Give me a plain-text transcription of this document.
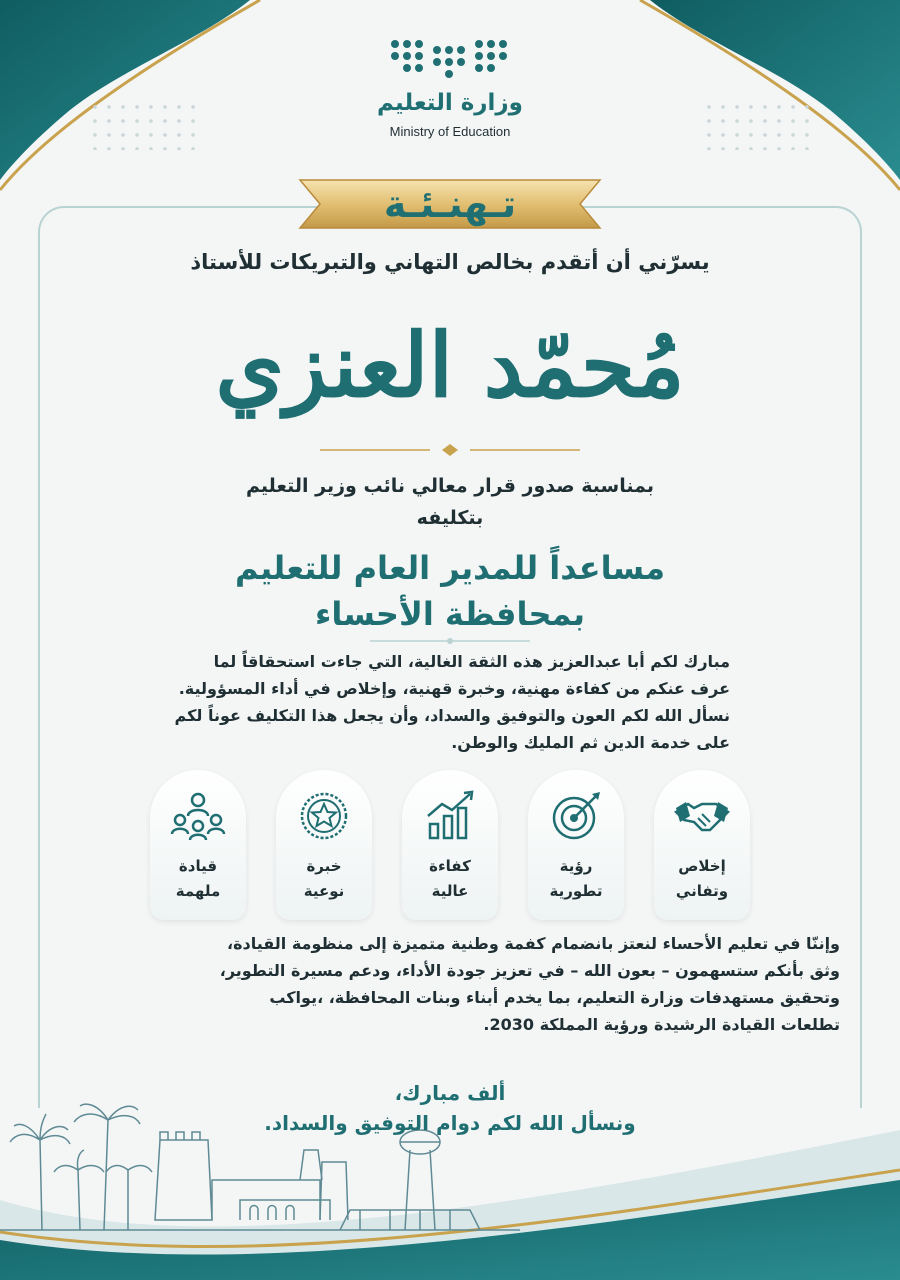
وزارة التعليم
Ministry of Education
تـهنـئـة
يسرّني أن أتقدم بخالص التهاني والتبريكات للأستاذ
مُحمّد العنزي
بمناسبة صدور قرار معالي نائب وزير التعليم
بتكليفه
مساعداً للمدير العام للتعليم
بمحافظة الأحساء
مبارك لكم أبا عبدالعزيز هذه الثقة الغالية، التي جاءت استحقاقاً لما
عرف عنكم من كفاءة مهنية، وخبرة قهنية، وإخلاص في أداء المسؤولية.
نسأل الله لكم العون والتوفيق والسداد، وأن يجعل هذا التكليف عوناً لكم
على خدمة الدين ثم المليك والوطن.
إخلاص
وتفاني
رؤية
تطورية
كفاءة
عالية
خبرة
نوعية
قيادة
ملهمة
وإننّا في تعليم الأحساء لنعتز بانضمام كفمة وطنية متميزة إلى منظومة القيادة،
وثق بأنكم ستسهمون – بعون الله – في تعزيز جودة الأداء، ودعم مسيرة التطوير،
وتحقيق مستهدفات وزارة التعليم، بما يخدم أبناء وبنات المحافظة، ،يواكب
تطلعات القيادة الرشيدة ورؤية المملكة 2030.
ألف مبارك،
ونسأل الله لكم دوام التوفيق والسداد.
